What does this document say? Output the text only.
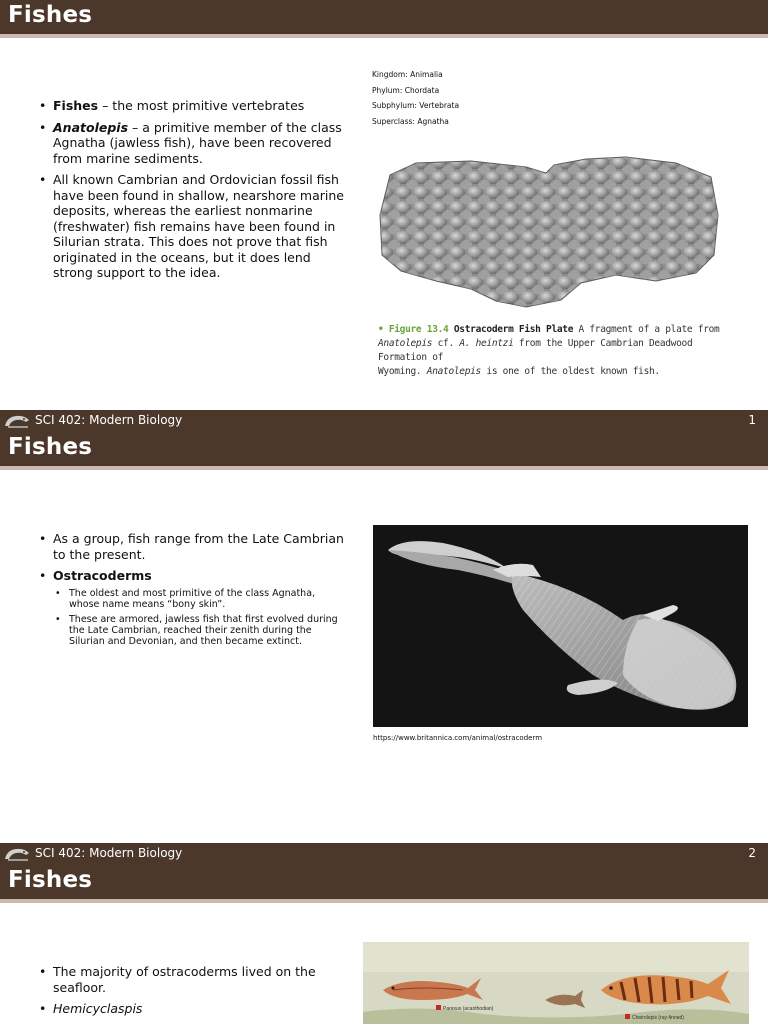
Fishes
• Fishes – the most primitive vertebrates
• Anatolepis – a primitive member of the class Agnatha (jawless fish), have been recovered from marine sediments.
• All known Cambrian and Ordovician fossil fish have been found in shallow, nearshore marine deposits, whereas the earliest nonmarine (freshwater) fish remains have been found in Silurian strata. This does not prove that fish originated in the oceans, but it does lend strong support to the idea.
Kingdom: Animalia
Phylum: Chordata
Subphylum: Vertebrata
Superclass: Agnatha
• Figure 13.4 Ostracoderm Fish Plate A fragment of a plate from
Anatolepis cf. A. heintzi from the Upper Cambrian Deadwood Formation of
Wyoming. Anatolepis is one of the oldest known fish.
SCI 402: Modern Biology	1
Fishes
• As a group, fish range from the Late Cambrian to the present.
• Ostracoderms
• The oldest and most primitive of the class Agnatha, whose name means “bony skin”.
• These are armored, jawless fish that first evolved during the Late Cambrian, reached their zenith during the Silurian and Devonian, and then became extinct.
https://www.britannica.com/animal/ostracoderm
SCI 402: Modern Biology	2
Fishes
• The majority of ostracoderms lived on the seafloor.
• Hemicyclaspis	Parexus (acanthodian)
Cheirolepis (ray-finned)
